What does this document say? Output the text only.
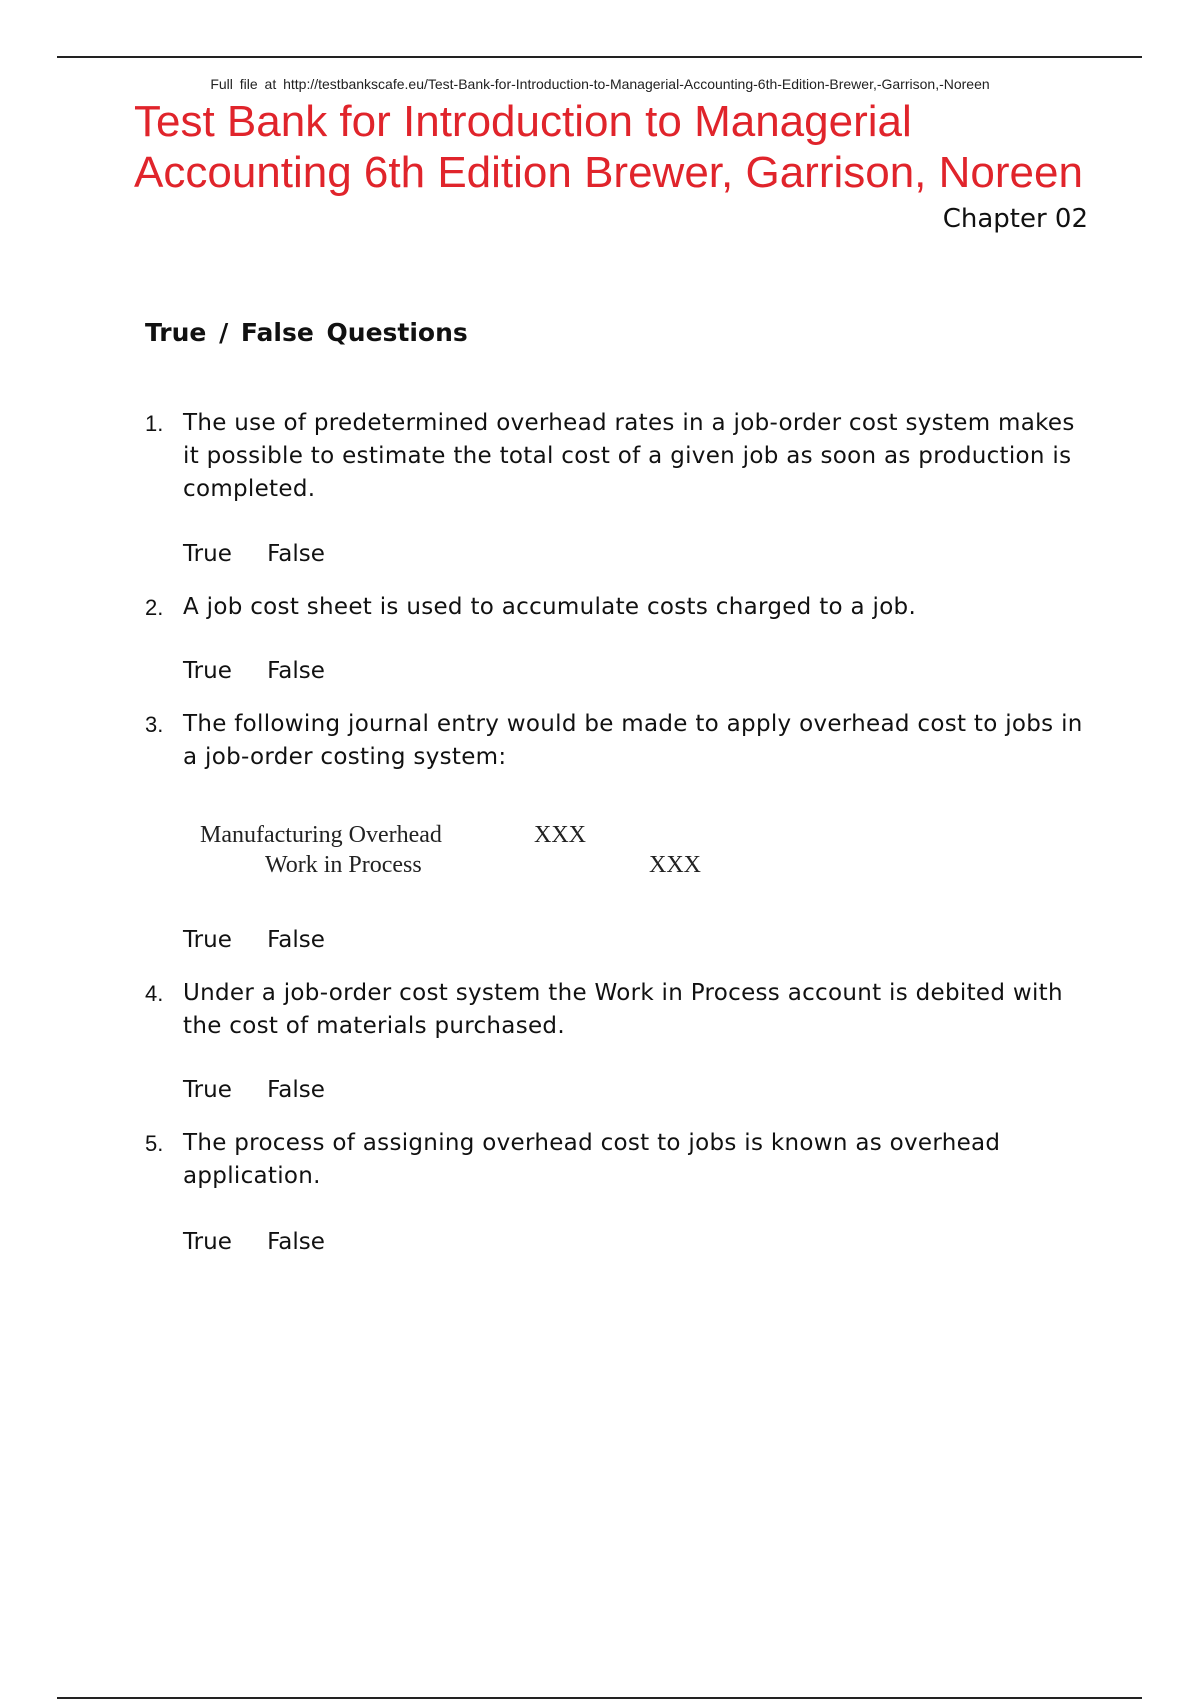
Full file at http://testbankscafe.eu/Test-Bank-for-Introduction-to-Managerial-Accounting-6th-Edition-Brewer,-Garrison,-Noreen
Test Bank for Introduction to Managerial Accounting 6th Edition Brewer, Garrison, Noreen
Chapter 02
True / False Questions
1. The use of predetermined overhead rates in a job-order cost system makes it possible to estimate the total cost of a given job as soon as production is completed.
True False
2. A job cost sheet is used to accumulate costs charged to a job.
True False
3. The following journal entry would be made to apply overhead cost to jobs in a job-order costing system:
Manufacturing Overhead	XXX
Work in Process	XXX
True False
4. Under a job-order cost system the Work in Process account is debited with the cost of materials purchased.
True False
5. The process of assigning overhead cost to jobs is known as overhead application.
True False
